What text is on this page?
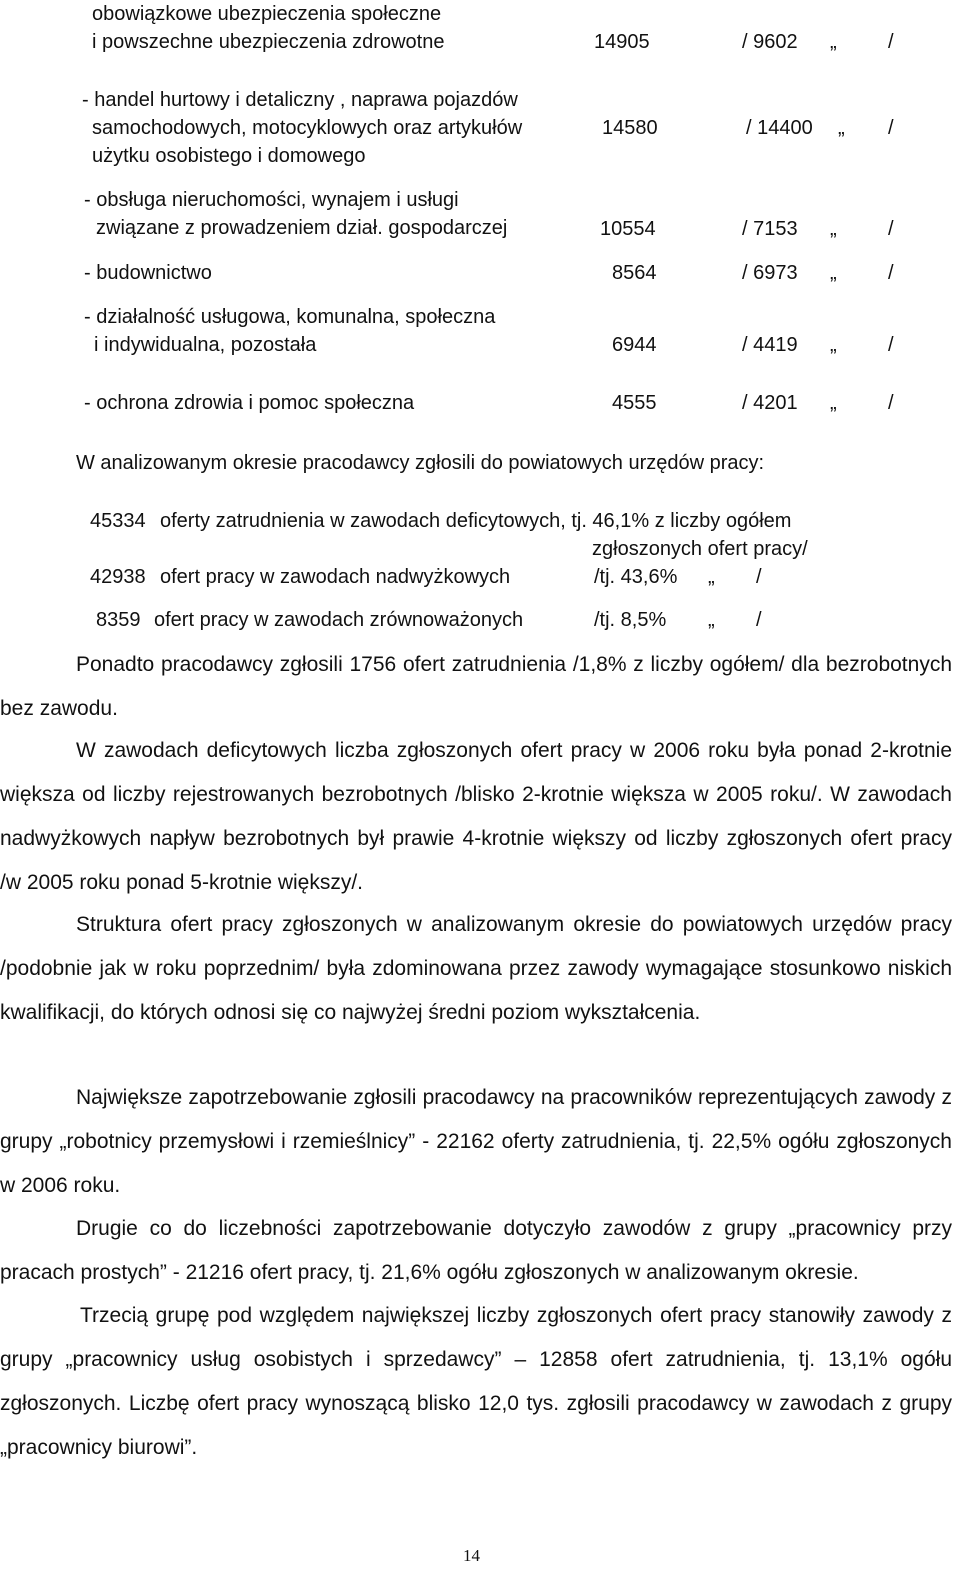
obowiązkowe ubezpieczenia społeczne
i powszechne ubezpieczenia zdrowotne	14905	/ 9602 „	/
- handel hurtowy i detaliczny , naprawa pojazdów
samochodowych, motocyklowych oraz artykułów
użytku osobistego i domowego
14580	/ 14400 „ /
- obsługa nieruchomości, wynajem i usługi
związane z prowadzeniem dział. gospodarczej	10554	/ 7153 „	/
- budownictwo	8564	/ 6973 „	/
- działalność usługowa, komunalna, społeczna
i indywidualna, pozostała	6944	/ 4419 „	/
- ochrona zdrowia i pomoc społeczna	4555	/ 4201 „	/
W analizowanym okresie pracodawcy zgłosili do powiatowych urzędów pracy:
45334 oferty zatrudnienia w zawodach deficytowych, tj. 46,1% z liczby ogółem
zgłoszonych ofert pracy/
42938 ofert pracy w zawodach nadwyżkowych	/tj. 43,6% „ /
8359 ofert pracy w zawodach zrównoważonych	/tj. 8,5% „ /
Ponadto pracodawcy zgłosili 1756 ofert zatrudnienia /1,8% z liczby ogółem/ dla bezrobotnych bez zawodu.
W zawodach deficytowych liczba zgłoszonych ofert pracy w 2006 roku była ponad 2-krotnie większa od liczby rejestrowanych bezrobotnych /blisko 2-krotnie większa w 2005 roku/. W zawodach nadwyżkowych napływ bezrobotnych był prawie 4-krotnie większy od liczby zgłoszonych ofert pracy /w 2005 roku ponad 5-krotnie większy/.
Struktura ofert pracy zgłoszonych w analizowanym okresie do powiatowych urzędów pracy /podobnie jak w roku poprzednim/ była zdominowana przez zawody wymagające stosunkowo niskich kwalifikacji, do których odnosi się co najwyżej średni poziom wykształcenia.
Największe zapotrzebowanie zgłosili pracodawcy na pracowników reprezentujących zawody z grupy „robotnicy przemysłowi i rzemieślnicy” - 22162 oferty zatrudnienia, tj. 22,5% ogółu zgłoszonych w 2006 roku.
Drugie co do liczebności zapotrzebowanie dotyczyło zawodów z grupy „pracownicy przy pracach prostych” - 21216 ofert pracy, tj. 21,6% ogółu zgłoszonych w analizowanym okresie.
Trzecią grupę pod względem największej liczby zgłoszonych ofert pracy stanowiły zawody z grupy „pracownicy usług osobistych i sprzedawcy” – 12858 ofert zatrudnienia, tj. 13,1% ogółu zgłoszonych. Liczbę ofert pracy wynoszącą blisko 12,0 tys. zgłosili pracodawcy w zawodach z grupy „pracownicy biurowi”.
14
